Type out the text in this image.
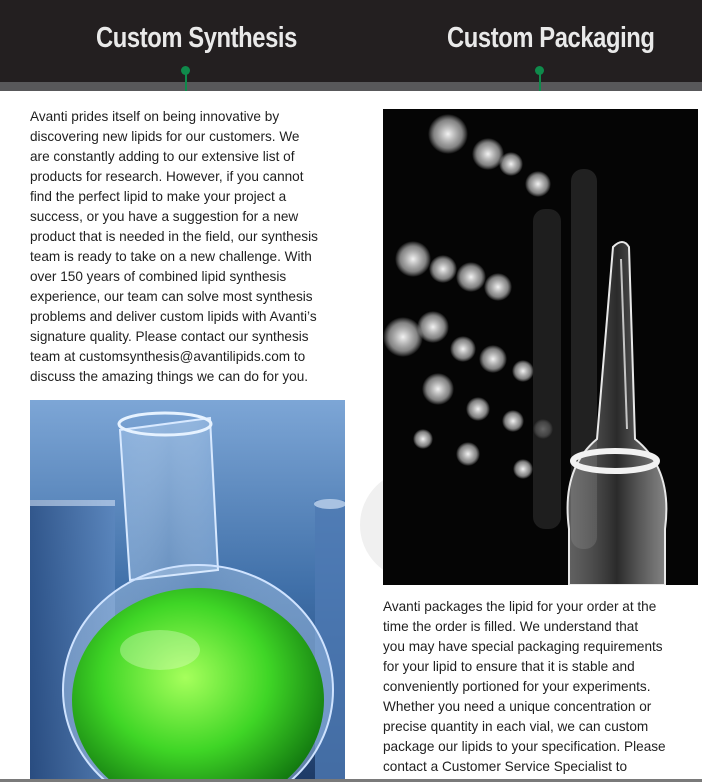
Custom Synthesis	Custom Packaging
Avanti prides itself on being innovative by
discovering new lipids for our customers. We
are constantly adding to our extensive list of
products for research. However, if you cannot
find the perfect lipid to make your project a
success, or you have a suggestion for a new
product that is needed in the field, our synthesis
team is ready to take on a new challenge. With
over 150 years of combined lipid synthesis
experience, our team can solve most synthesis
problems and deliver custom lipids with Avanti’s
signature quality. Please contact our synthesis
team at customsynthesis@avantilipids.com to
discuss the amazing things we can do for you.
Avanti packages the lipid for your order at the
time the order is filled. We understand that
you may have special packaging requirements
for your lipid to ensure that it is stable and
conveniently portioned for your experiments.
Whether you need a unique concentration or
precise quantity in each vial, we can custom
package our lipids to your specification. Please
contact a Customer Service Specialist to
